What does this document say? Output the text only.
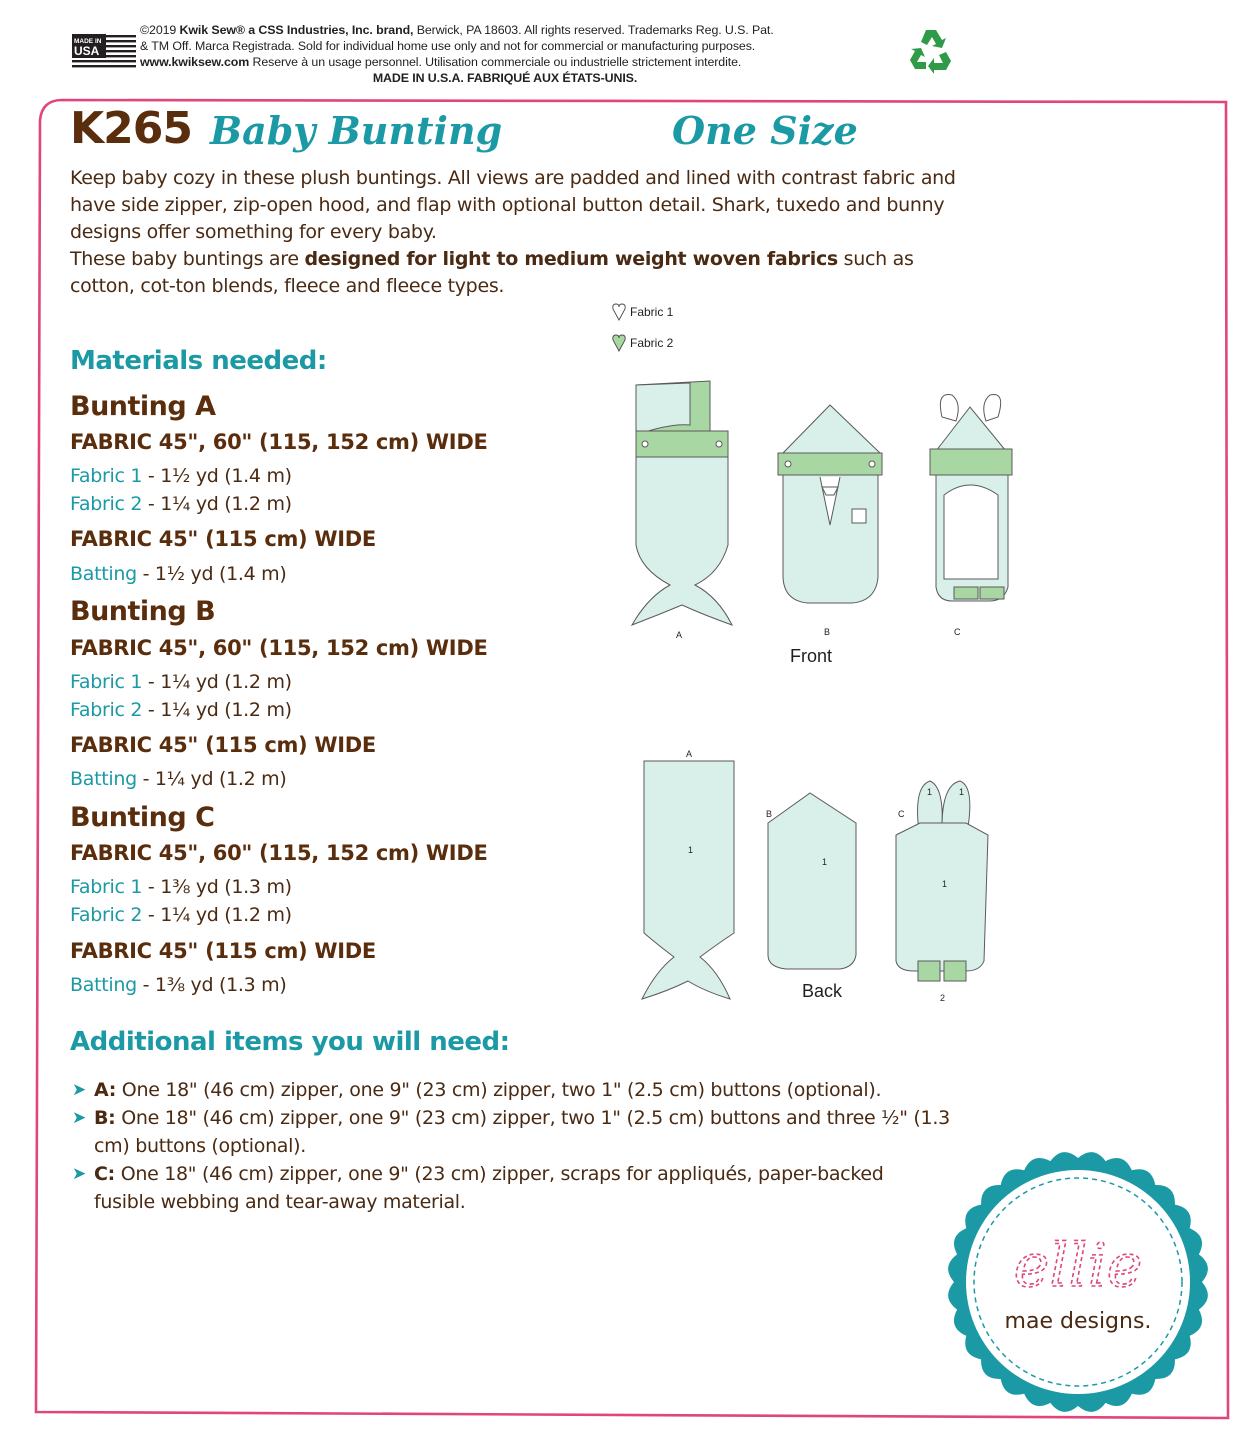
MADE IN
USA
©2019 Kwik Sew® a CSS Industries, Inc. brand, Berwick, PA 18603. All rights reserved. Trademarks Reg. U.S. Pat.
& TM Off. Marca Registrada. Sold for individual home use only and not for commercial or manufacturing purposes.
www.kwiksew.com Reserve à un usage personnel. Utilisation commerciale ou industrielle strictement interdite.
MADE IN U.S.A. FABRIQUÉ AUX ÉTATS-UNIS.
K265 Baby Bunting	One Size

Keep baby cozy in these plush buntings. All views are padded and lined with contrast fabric and have side zipper, zip-open hood, and flap with optional button detail. Shark, tuxedo and bunny designs offer something for every baby.

These baby buntings are designed for light to medium weight woven fabrics such as cotton, cot-ton blends, fleece and fleece types.

Fabric 1
Fabric 2
Materials needed:
Bunting A
FABRIC 45", 60" (115, 152 cm) WIDE
Fabric 1 - 1½ yd (1.4 m)
Fabric 2 - 1¼ yd (1.2 m)
FABRIC 45" (115 cm) WIDE
Batting - 1½ yd (1.4 m)
Bunting B
FABRIC 45", 60" (115, 152 cm) WIDE
Fabric 1 - 1¼ yd (1.2 m)
Fabric 2 - 1¼ yd (1.2 m)
FABRIC 45" (115 cm) WIDE
Batting - 1¼ yd (1.2 m)
Bunting C
FABRIC 45", 60" (115, 152 cm) WIDE
Fabric 1 - 1⅜ yd (1.3 m)
Fabric 2 - 1¼ yd (1.2 m)
FABRIC 45" (115 cm) WIDE
Batting - 1⅜ yd (1.3 m)
A	B	C
Front
A
1
B
1
C
1	1
1
2
Back
Additional items you will need:
➤ A: One 18" (46 cm) zipper, one 9" (23 cm) zipper, two 1" (2.5 cm) buttons (optional).
➤ B: One 18" (46 cm) zipper, one 9" (23 cm) zipper, two 1" (2.5 cm) buttons and three ½" (1.3 cm) buttons (optional).
➤ C: One 18" (46 cm) zipper, one 9" (23 cm) zipper, scraps for appliqués, paper-backed fusible webbing and tear-away material.
ellie
mae designs.
